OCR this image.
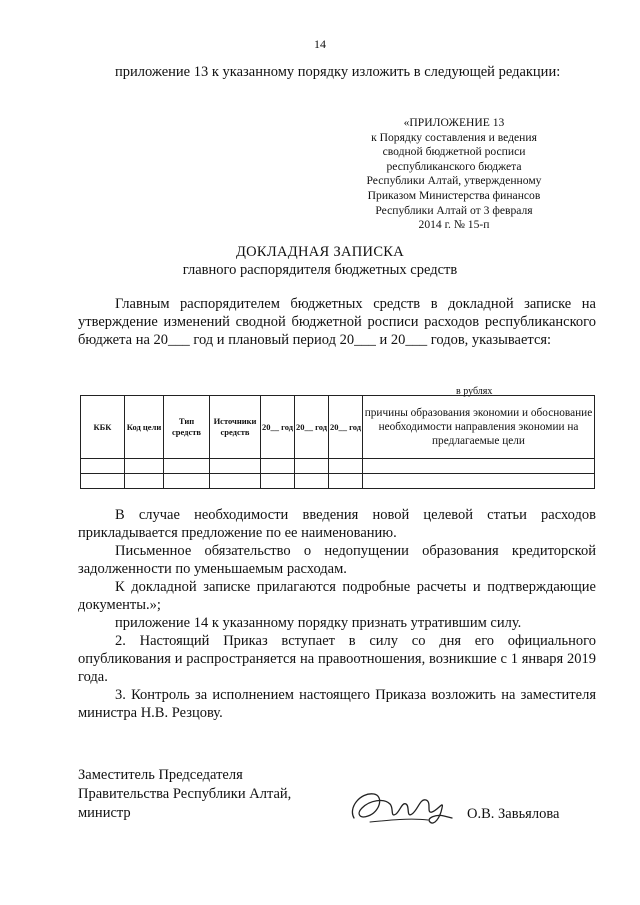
14
приложение 13 к указанному порядку изложить в следующей редакции:
«ПРИЛОЖЕНИЕ 13
к Порядку составления и ведения
сводной бюджетной росписи
республиканского бюджета
Республики Алтай, утвержденному
Приказом Министерства финансов
Республики Алтай от 3 февраля
2014 г. № 15-п
ДОКЛАДНАЯ ЗАПИСКА
главного распорядителя бюджетных средств
Главным распорядителем бюджетных средств в докладной записке на утверждение изменений сводной бюджетной росписи расходов республиканского бюджета на 20___ год и плановый период 20___ и 20___ годов, указывается:
в рублях
КБК	Код цели	Тип средств	Источники средств	20__ год	20__ год	20__ год	причины образования экономии и обоснование необходимости направления экономии на предлагаемые цели

В случае необходимости введения новой целевой статьи расходов прикладывается предложение по ее наименованию.
Письменное обязательство о недопущении образования кредиторской задолженности по уменьшаемым расходам.
К докладной записке прилагаются подробные расчеты и подтверждающие документы.»;
приложение 14 к указанному порядку признать утратившим силу.
2. Настоящий Приказ вступает в силу со дня его официального опубликования и распространяется на правоотношения, возникшие с 1 января 2019 года.
3. Контроль за исполнением настоящего Приказа возложить на заместителя министра Н.В. Резцову.
Заместитель Председателя
Правительства Республики Алтай,
министр	О.В. Завьялова
